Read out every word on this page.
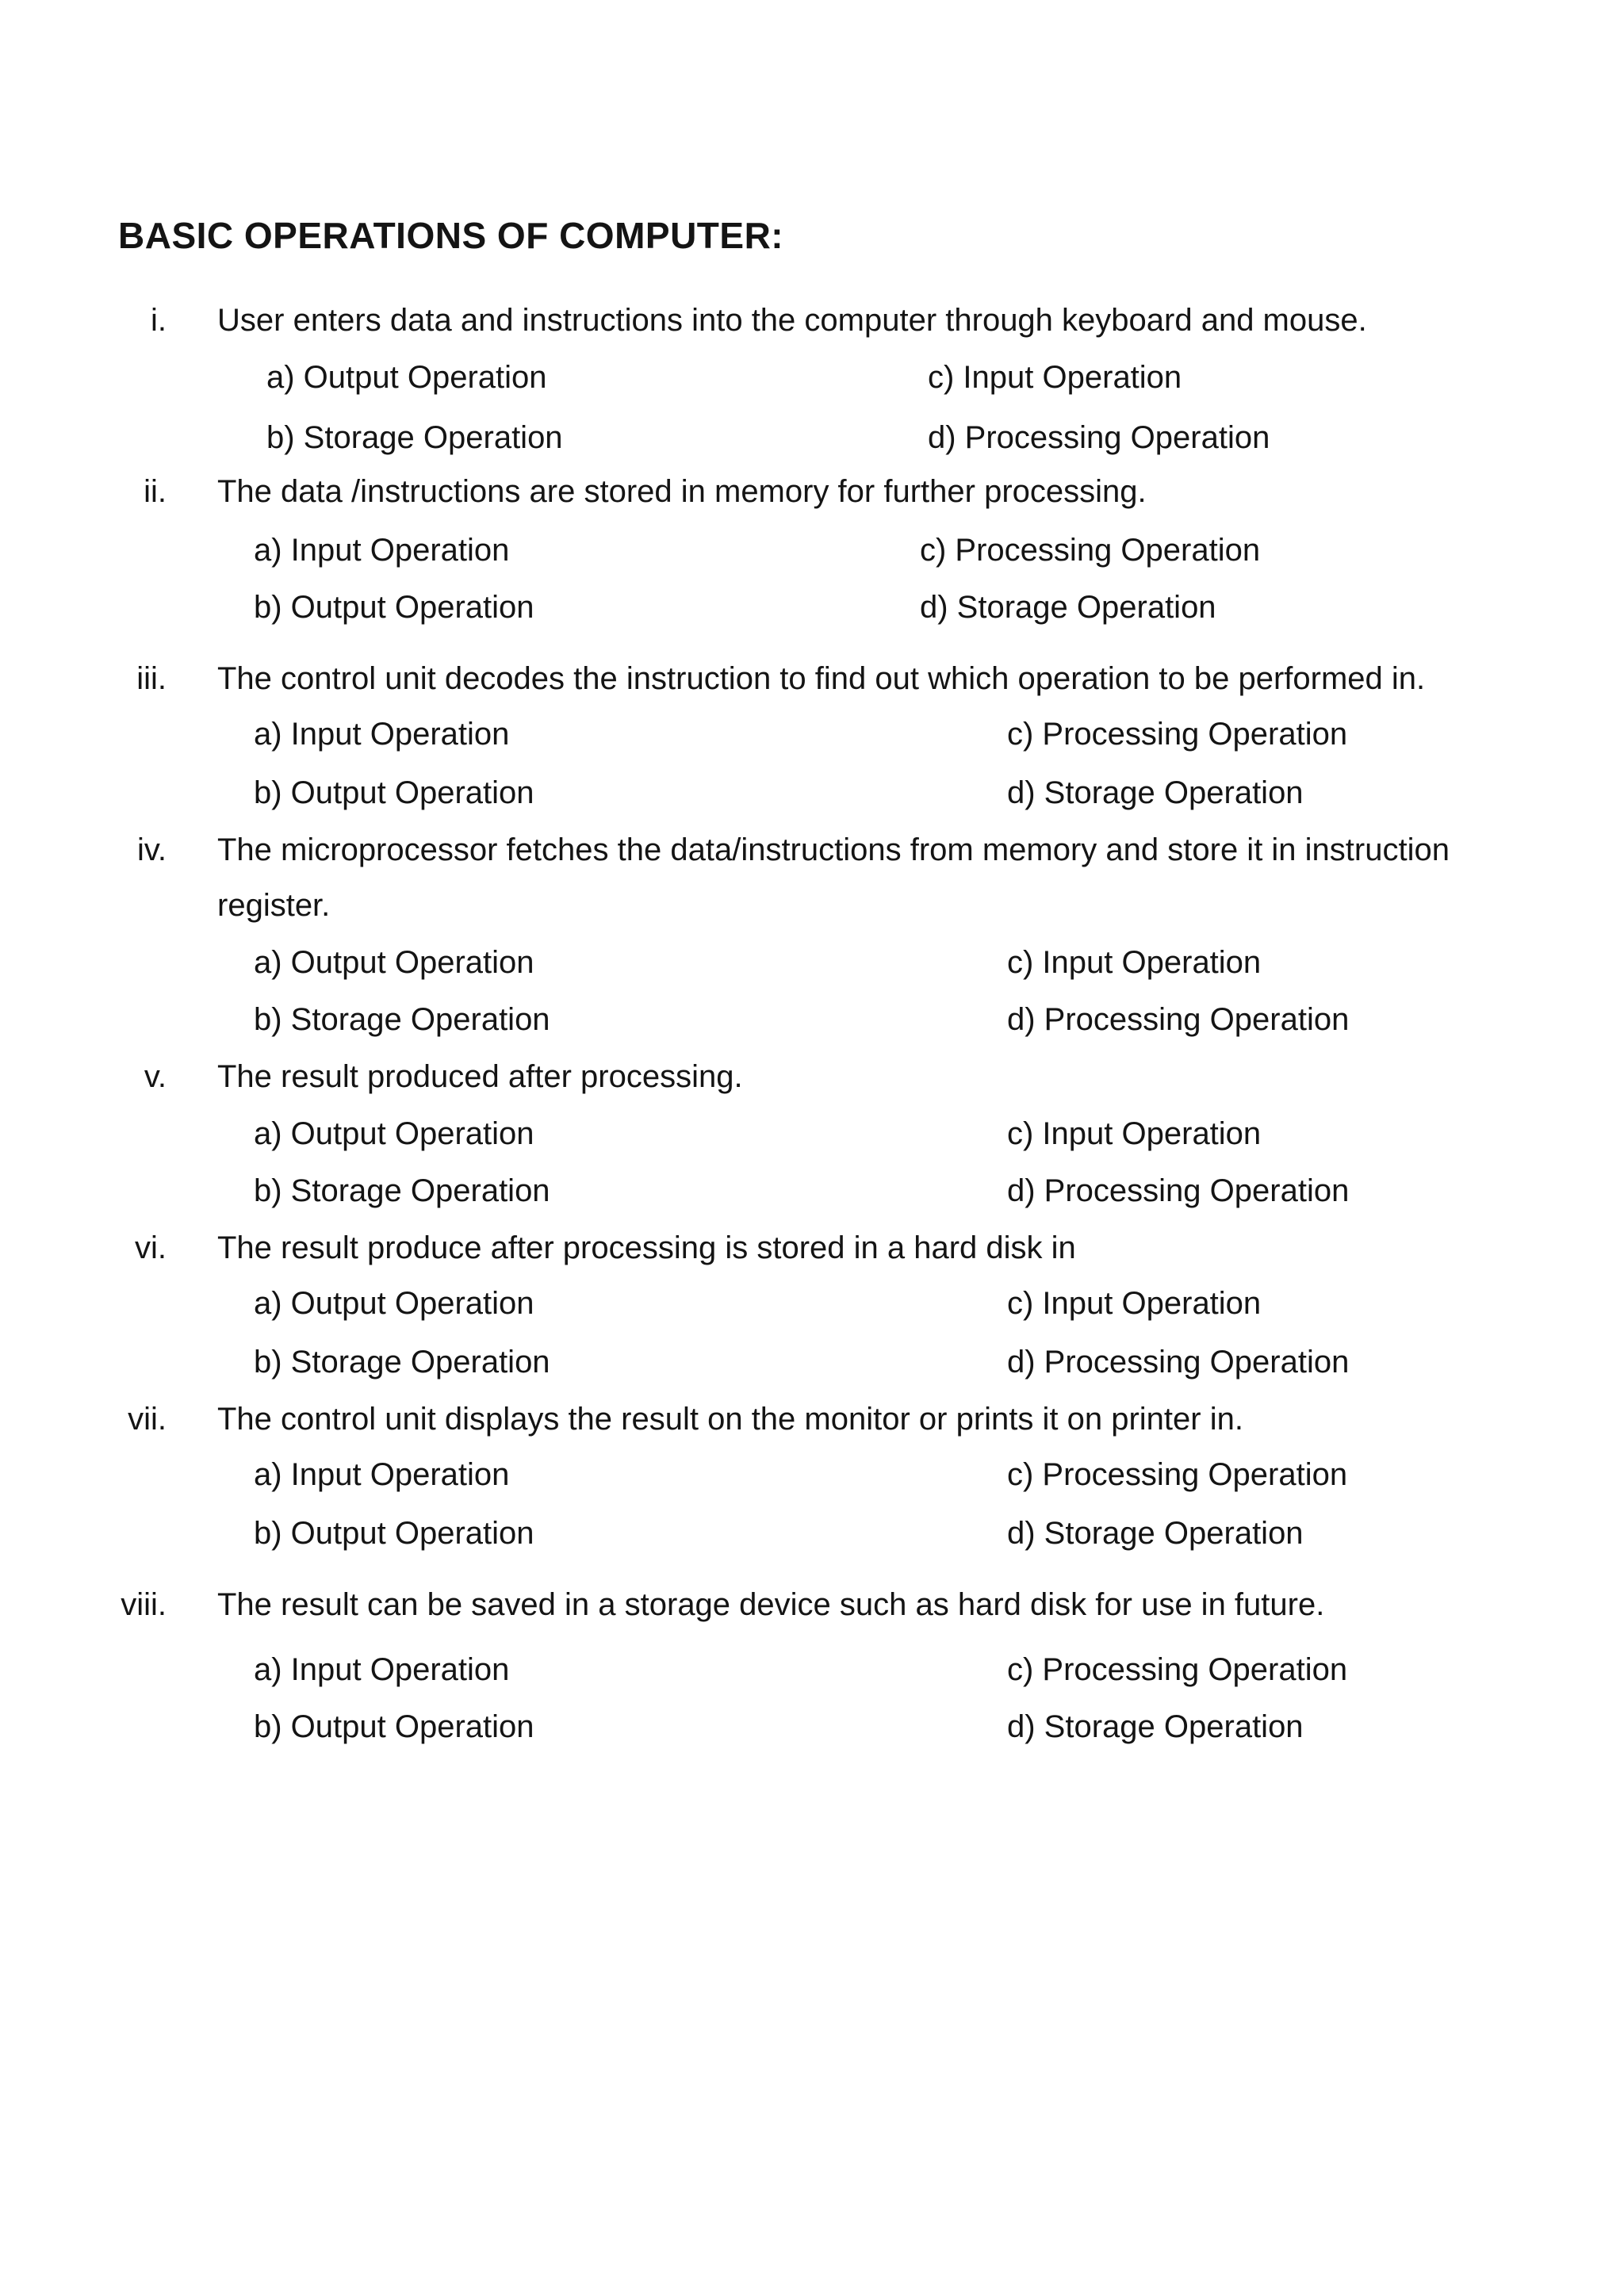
BASIC OPERATIONS OF COMPUTER:
i. User enters data and instructions into the computer through keyboard and mouse.
a) Output Operation	c) Input Operation
b) Storage Operation	d) Processing Operation
ii. The data /instructions are stored in memory for further processing.
a) Input Operation	c) Processing Operation
b) Output Operation	d) Storage Operation
iii. The control unit decodes the instruction to find out which operation to be performed in.
a) Input Operation	c) Processing Operation
b) Output Operation	d) Storage Operation
iv. The microprocessor fetches the data/instructions from memory and store it in instruction
register.
a) Output Operation	c) Input Operation
b) Storage Operation	d) Processing Operation
v. The result produced after processing.
a) Output Operation	c) Input Operation
b) Storage Operation	d) Processing Operation
vi. The result produce after processing is stored in a hard disk in
a) Output Operation	c) Input Operation
b) Storage Operation	d) Processing Operation
vii. The control unit displays the result on the monitor or prints it on printer in.
a) Input Operation	c) Processing Operation
b) Output Operation	d) Storage Operation
viii. The result can be saved in a storage device such as hard disk for use in future.
a) Input Operation	c) Processing Operation
b) Output Operation	d) Storage Operation
